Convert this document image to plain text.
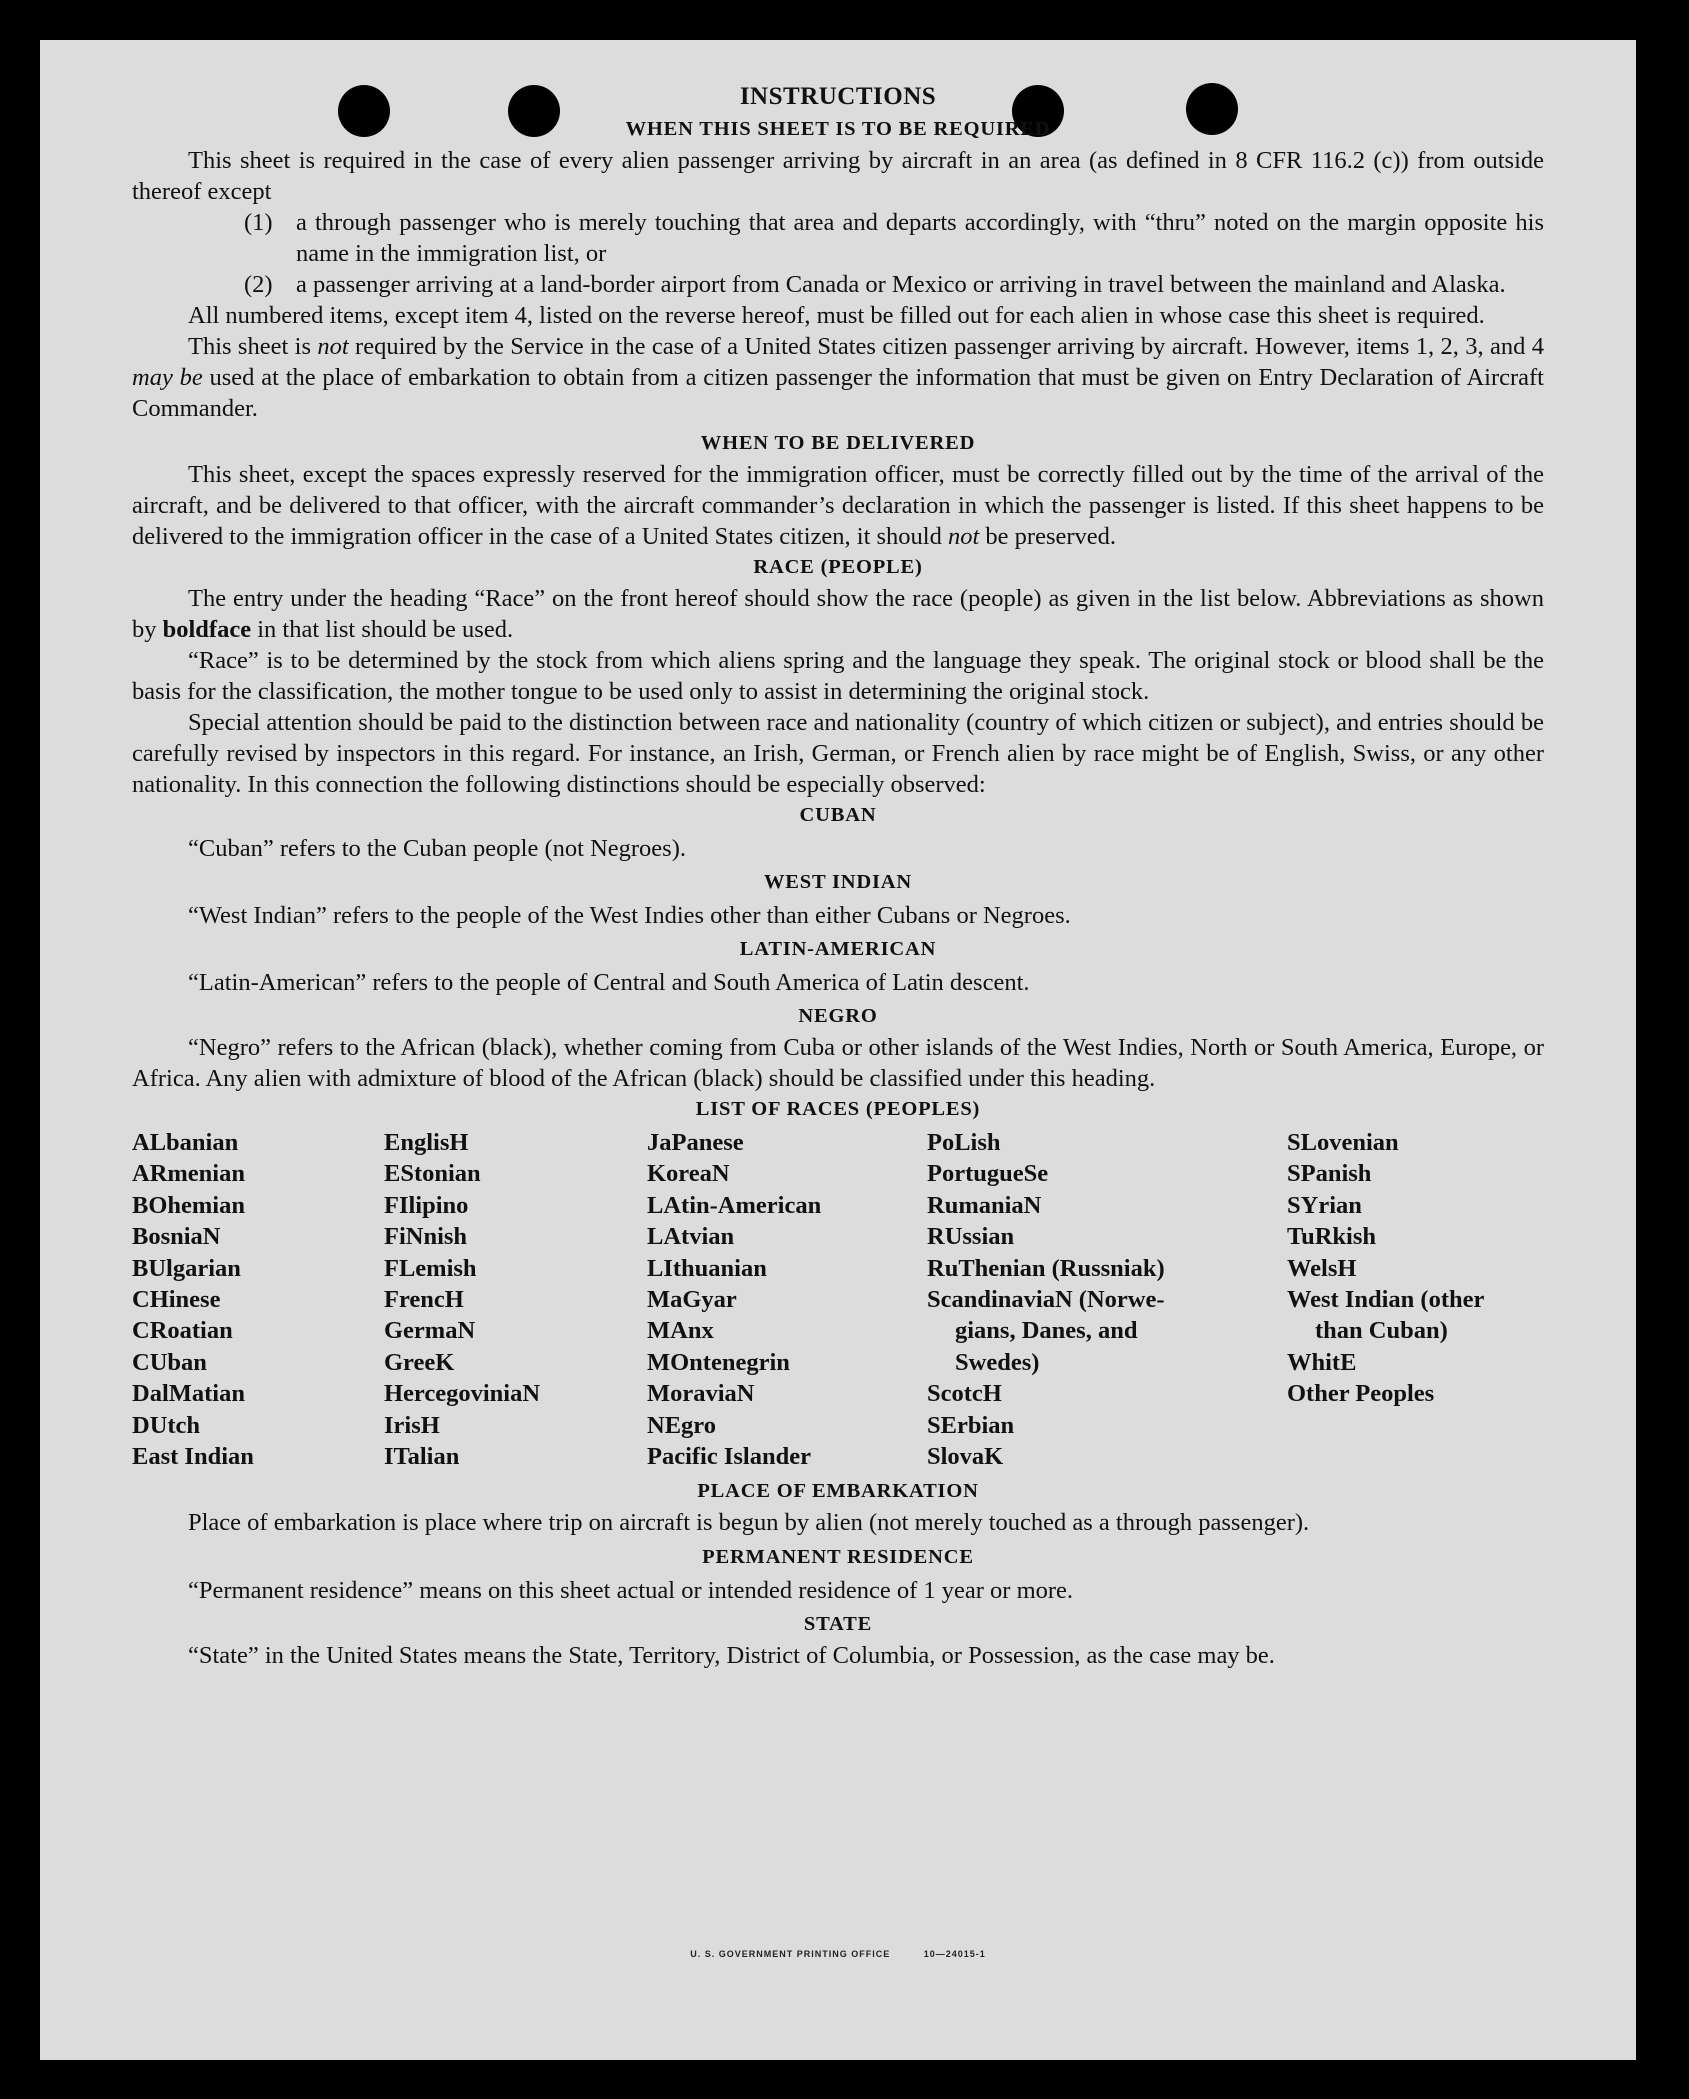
INSTRUCTIONS
WHEN THIS SHEET IS TO BE REQUIRED

This sheet is required in the case of every alien passenger arriving by aircraft in an area (as defined in 8 CFR 116.2 (c)) from outside thereof except

(1) a through passenger who is merely touching that area and departs accordingly, with “thru” noted on the margin opposite his name in the immigration list, or
(2) a passenger arriving at a land-border airport from Canada or Mexico or arriving in travel between the mainland and Alaska.

All numbered items, except item 4, listed on the reverse hereof, must be filled out for each alien in whose case this sheet is required.

This sheet is not required by the Service in the case of a United States citizen passenger arriving by aircraft. However, items 1, 2, 3, and 4 may be used at the place of embarkation to obtain from a citizen passenger the information that must be given on Entry Declaration of Aircraft Commander.

WHEN TO BE DELIVERED

This sheet, except the spaces expressly reserved for the immigration officer, must be correctly filled out by the time of the arrival of the aircraft, and be delivered to that officer, with the aircraft commander’s declaration in which the passenger is listed. If this sheet happens to be delivered to the immigration officer in the case of a United States citizen, it should not be preserved.

RACE (PEOPLE)

The entry under the heading “Race” on the front hereof should show the race (people) as given in the list below. Abbreviations as shown by boldface in that list should be used.

“Race” is to be determined by the stock from which aliens spring and the language they speak. The original stock or blood shall be the basis for the classification, the mother tongue to be used only to assist in determining the original stock.

Special attention should be paid to the distinction between race and nationality (country of which citizen or subject), and entries should be carefully revised by inspectors in this regard. For instance, an Irish, German, or French alien by race might be of English, Swiss, or any other nationality. In this connection the following distinctions should be especially observed:

CUBAN

“Cuban” refers to the Cuban people (not Negroes).

WEST INDIAN

“West Indian” refers to the people of the West Indies other than either Cubans or Negroes.

LATIN-AMERICAN

“Latin-American” refers to the people of Central and South America of Latin descent.

NEGRO

“Negro” refers to the African (black), whether coming from Cuba or other islands of the West Indies, North or South America, Europe, or Africa. Any alien with admixture of blood of the African (black) should be classified under this heading.

LIST OF RACES (PEOPLES)
ALbanian
ARmenian
BOhemian
BosniaN
BUlgarian
CHinese
CRoatian
CUban
DalMatian
DUtch
East Indian
EnglisH
EStonian
FIlipino
FiNnish
FLemish
FrencH
GermaN
GreeK
HercegoviniaN
IrisH
ITalian
JaPanese
KoreaN
LAtin-American
LAtvian
LIthuanian
MaGyar
MAnx
MOntenegrin
MoraviaN
NEgro
Pacific Islander
PoLish
PortugueSe
RumaniaN
RUssian
RuThenian (Russniak)
ScandinaviaN (Norwe-
gians, Danes, and
Swedes)
ScotcH
SErbian
SlovaK
SLovenian
SPanish
SYrian
TuRkish
WelsH
West Indian (other
than Cuban)
WhitE
Other Peoples
PLACE OF EMBARKATION

Place of embarkation is place where trip on aircraft is begun by alien (not merely touched as a through passenger).

PERMANENT RESIDENCE

“Permanent residence” means on this sheet actual or intended residence of 1 year or more.

STATE

“State” in the United States means the State, Territory, District of Columbia, or Possession, as the case may be.

U. S. GOVERNMENT PRINTING OFFICE	10—24015-1
